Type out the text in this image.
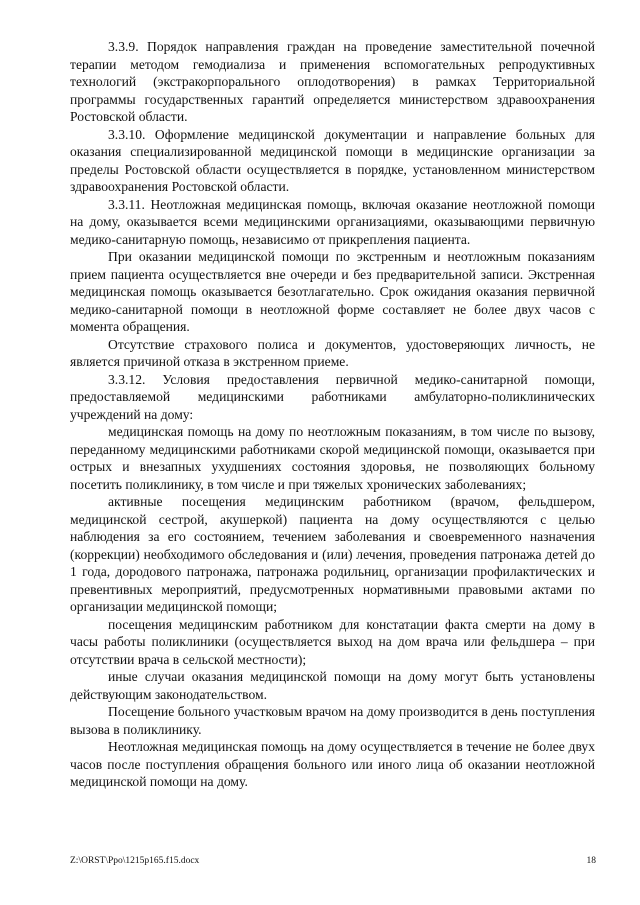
3.3.9. Порядок направления граждан на проведение заместительной почечной терапии методом гемодиализа и применения вспомогательных репродуктивных технологий (экстракорпорального оплодотворения) в рамках Территориальной программы государственных гарантий определяется министерством здравоохранения Ростовской области.

3.3.10. Оформление медицинской документации и направление больных для оказания специализированной медицинской помощи в медицинские организации за пределы Ростовской области осуществляется в порядке, установленном министерством здравоохранения Ростовской области.

3.3.11. Неотложная медицинская помощь, включая оказание неотложной помощи на дому, оказывается всеми медицинскими организациями, оказывающими первичную медико-санитарную помощь, независимо от прикрепления пациента.

При оказании медицинской помощи по экстренным и неотложным показаниям прием пациента осуществляется вне очереди и без предварительной записи. Экстренная медицинская помощь оказывается безотлагательно. Срок ожидания оказания первичной медико-санитарной помощи в неотложной форме составляет не более двух часов с момента обращения.

Отсутствие страхового полиса и документов, удостоверяющих личность, не является причиной отказа в экстренном приеме.

3.3.12. Условия предоставления первичной медико-санитарной помощи, предоставляемой медицинскими работниками амбулаторно-поликлинических учреждений на дому:

медицинская помощь на дому по неотложным показаниям, в том числе по вызову, переданному медицинскими работниками скорой медицинской помощи, оказывается при острых и внезапных ухудшениях состояния здоровья, не позволяющих больному посетить поликлинику, в том числе и при тяжелых хронических заболеваниях;

активные посещения медицинским работником (врачом, фельдшером, медицинской сестрой, акушеркой) пациента на дому осуществляются с целью наблюдения за его состоянием, течением заболевания и своевременного назначения (коррекции) необходимого обследования и (или) лечения, проведения патронажа детей до 1 года, дородового патронажа, патронажа родильниц, организации профилактических и превентивных мероприятий, предусмотренных нормативными правовыми актами по организации медицинской помощи;

посещения медицинским работником для констатации факта смерти на дому в часы работы поликлиники (осуществляется выход на дом врача или фельдшера – при отсутствии врача в сельской местности);

иные случаи оказания медицинской помощи на дому могут быть установлены действующим законодательством.

Посещение больного участковым врачом на дому производится в день поступления вызова в поликлинику.

Неотложная медицинская помощь на дому осуществляется в течение не более двух часов после поступления обращения больного или иного лица об оказании неотложной медицинской помощи на дому.

Z:\ORST\Ppo\1215p165.f15.docx	18
